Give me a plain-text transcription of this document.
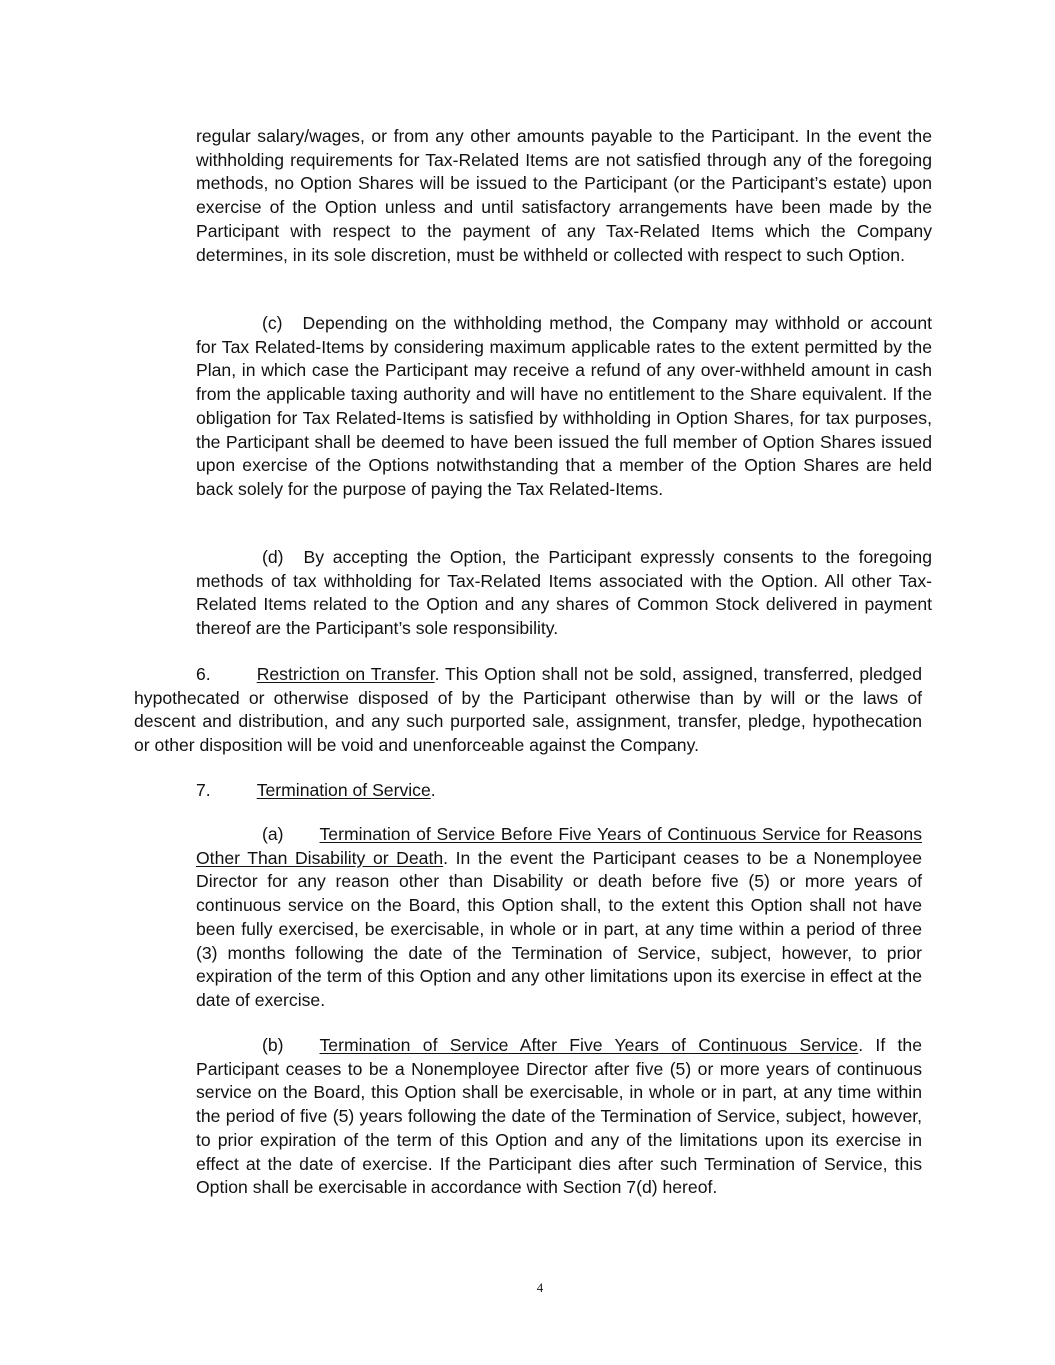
regular salary/wages, or from any other amounts payable to the Participant. In the event the withholding requirements for Tax-Related Items are not satisfied through any of the foregoing methods, no Option Shares will be issued to the Participant (or the Participant’s estate) upon exercise of the Option unless and until satisfactory arrangements have been made by the Participant with respect to the payment of any Tax-Related Items which the Company determines, in its sole discretion, must be withheld or collected with respect to such Option.

(c) Depending on the withholding method, the Company may withhold or account for Tax Related-Items by considering maximum applicable rates to the extent permitted by the Plan, in which case the Participant may receive a refund of any over-withheld amount in cash from the applicable taxing authority and will have no entitlement to the Share equivalent. If the obligation for Tax Related-Items is satisfied by withholding in Option Shares, for tax purposes, the Participant shall be deemed to have been issued the full member of Option Shares issued upon exercise of the Options notwithstanding that a member of the Option Shares are held back solely for the purpose of paying the Tax Related-Items.

(d) By accepting the Option, the Participant expressly consents to the foregoing methods of tax withholding for Tax-Related Items associated with the Option. All other Tax-Related Items related to the Option and any shares of Common Stock delivered in payment thereof are the Participant’s sole responsibility.

6.	Restriction on Transfer. This Option shall not be sold, assigned, transferred, pledged hypothecated or otherwise disposed of by the Participant otherwise than by will or the laws of descent and distribution, and any such purported sale, assignment, transfer, pledge, hypothecation or other disposition will be void and unenforceable against the Company.

7.	Termination of Service.

(a) Termination of Service Before Five Years of Continuous Service for Reasons Other Than Disability or Death. In the event the Participant ceases to be a Nonemployee Director for any reason other than Disability or death before five (5) or more years of continuous service on the Board, this Option shall, to the extent this Option shall not have been fully exercised, be exercisable, in whole or in part, at any time within a period of three (3) months following the date of the Termination of Service, subject, however, to prior expiration of the term of this Option and any other limitations upon its exercise in effect at the date of exercise.

(b) Termination of Service After Five Years of Continuous Service. If the Participant ceases to be a Nonemployee Director after five (5) or more years of continuous service on the Board, this Option shall be exercisable, in whole or in part, at any time within the period of five (5) years following the date of the Termination of Service, subject, however, to prior expiration of the term of this Option and any of the limitations upon its exercise in effect at the date of exercise. If the Participant dies after such Termination of Service, this Option shall be exercisable in accordance with Section 7(d) hereof.

4
